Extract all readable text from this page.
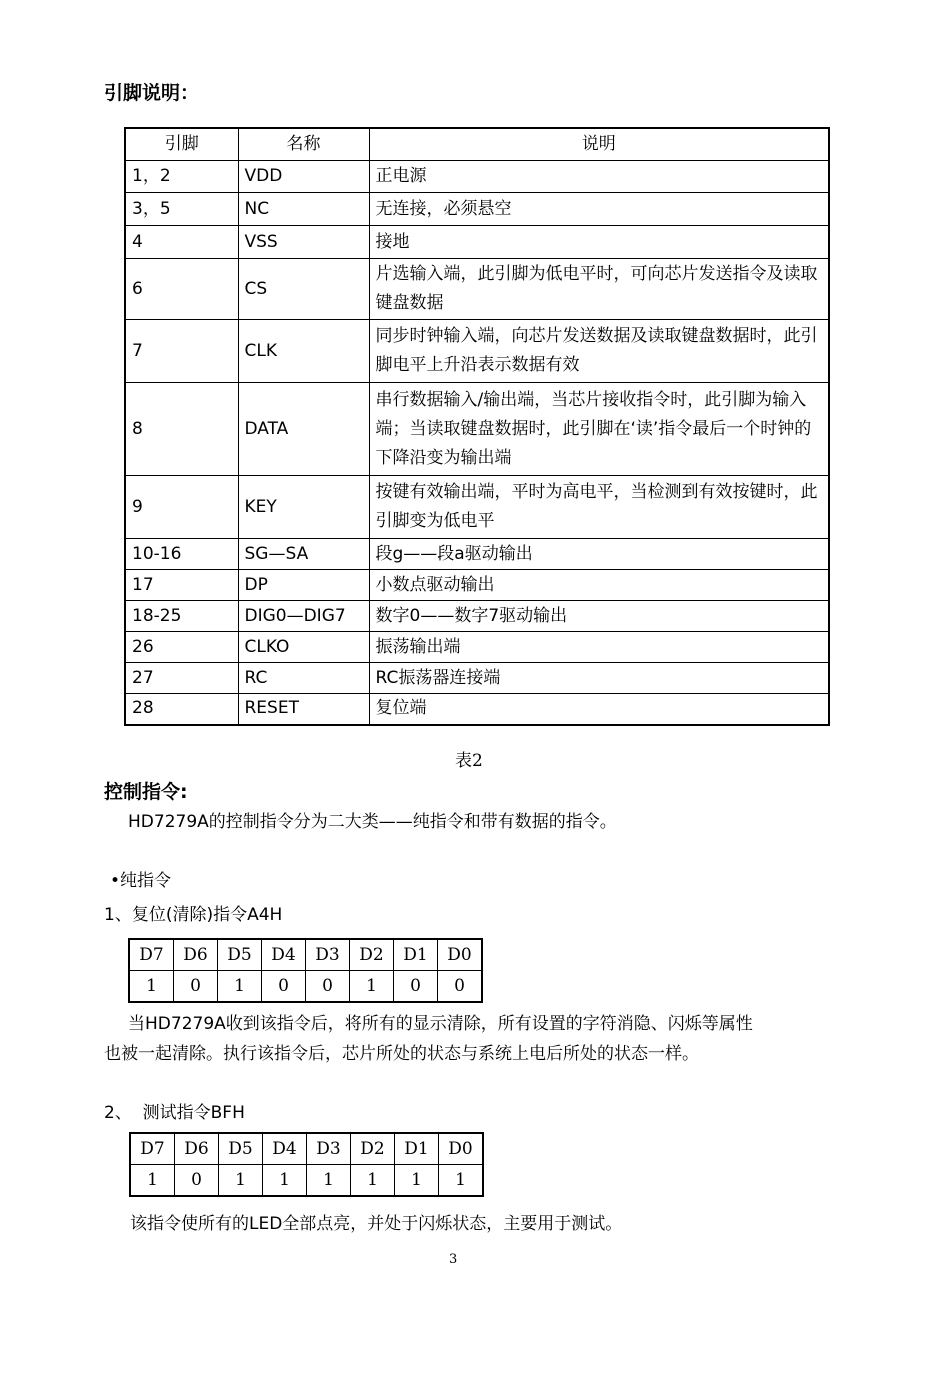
引脚说明：
引脚	名称	说明
1，2	VDD	正电源
3，5	NC	无连接，必须悬空
4	VSS	接地
6	CS	片选输入端，此引脚为低电平时，可向芯片发送指令及读取键盘数据
7	CLK	同步时钟输入端，向芯片发送数据及读取键盘数据时，此引脚电平上升沿表示数据有效
8	DATA	串行数据输入/输出端，当芯片接收指令时，此引脚为输入端；当读取键盘数据时，此引脚在‘读’指令最后一个时钟的下降沿变为输出端
9	KEY	按键有效输出端，平时为高电平，当检测到有效按键时，此引脚变为低电平
10-16	SG—SA	段g——段a驱动输出
17	DP	小数点驱动输出
18-25	DIG0—DIG7	数字0——数字7驱动输出
26	CLKO	振荡输出端
27	RC	RC振荡器连接端
28	RESET	复位端
表2
控制指令:
HD7279A的控制指令分为二大类——纯指令和带有数据的指令。
•纯指令
1、复位(清除)指令A4H
D7	D6	D5	D4	D3	D2	D1	D0
1	0	1	0	0	1	0	0
当HD7279A收到该指令后，将所有的显示清除，所有设置的字符消隐、闪烁等属性
也被一起清除。执行该指令后，芯片所处的状态与系统上电后所处的状态一样。
2、  测试指令BFH
D7	D6	D5	D4	D3	D2	D1	D0
1	0	1	1	1	1	1	1
该指令使所有的LED全部点亮，并处于闪烁状态，主要用于测试。
3
